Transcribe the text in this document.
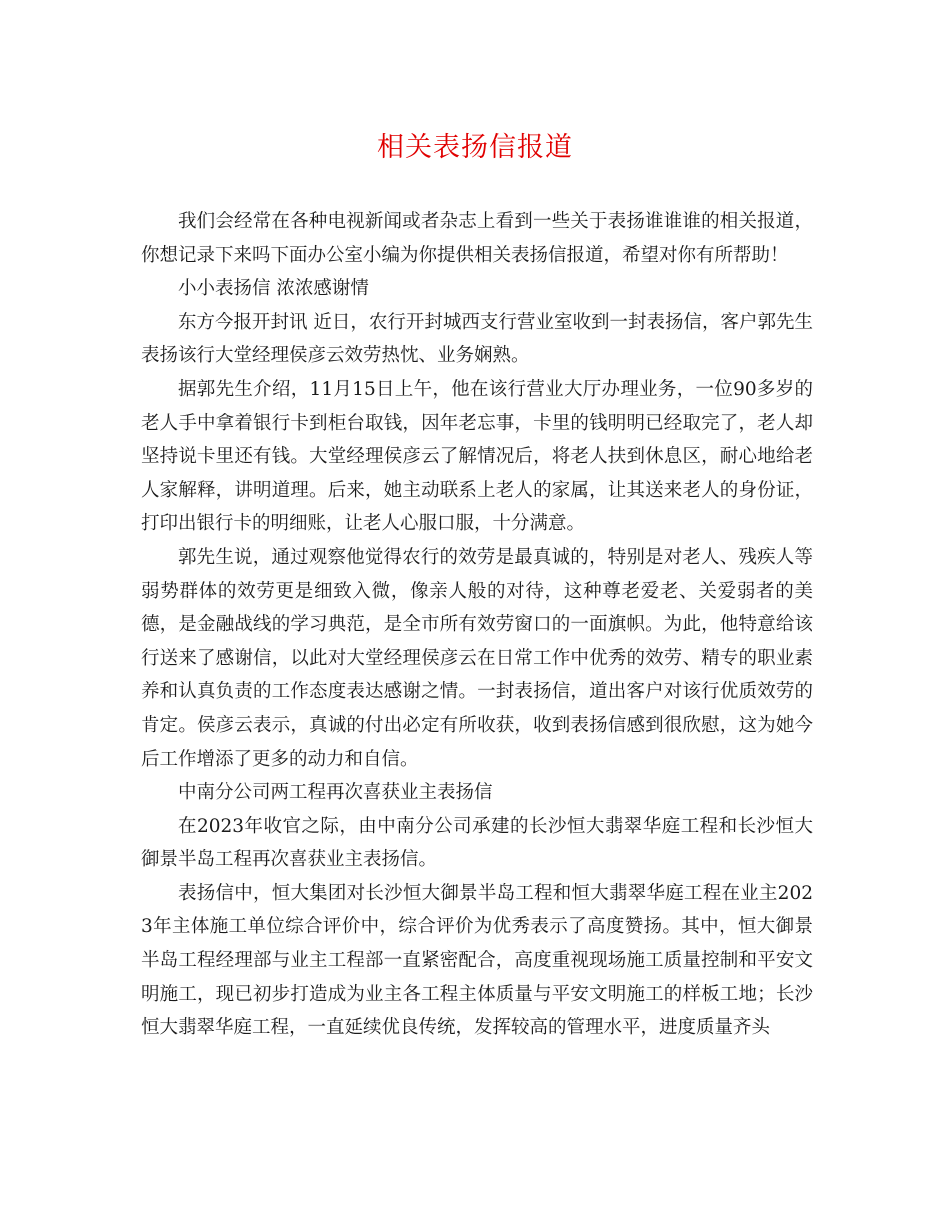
相关表扬信报道

我们会经常在各种电视新闻或者杂志上看到一些关于表扬谁谁谁的相关报道，你想记录下来吗下面办公室小编为你提供相关表扬信报道，希望对你有所帮助！

小小表扬信 浓浓感谢情

东方今报开封讯 近日，农行开封城西支行营业室收到一封表扬信，客户郭先生表扬该行大堂经理侯彦云效劳热忱、业务娴熟。

据郭先生介绍，11月15日上午，他在该行营业大厅办理业务，一位90多岁的老人手中拿着银行卡到柜台取钱，因年老忘事，卡里的钱明明已经取完了，老人却坚持说卡里还有钱。大堂经理侯彦云了解情况后，将老人扶到休息区，耐心地给老人家解释，讲明道理。后来，她主动联系上老人的家属，让其送来老人的身份证，打印出银行卡的明细账，让老人心服口服，十分满意。

郭先生说，通过观察他觉得农行的效劳是最真诚的，特别是对老人、残疾人等弱势群体的效劳更是细致入微，像亲人般的对待，这种尊老爱老、关爱弱者的美德，是金融战线的学习典范，是全市所有效劳窗口的一面旗帜。为此，他特意给该行送来了感谢信，以此对大堂经理侯彦云在日常工作中优秀的效劳、精专的职业素养和认真负责的工作态度表达感谢之情。一封表扬信，道出客户对该行优质效劳的肯定。侯彦云表示，真诚的付出必定有所收获，收到表扬信感到很欣慰，这为她今后工作增添了更多的动力和自信。

中南分公司两工程再次喜获业主表扬信

在2023年收官之际，由中南分公司承建的长沙恒大翡翠华庭工程和长沙恒大御景半岛工程再次喜获业主表扬信。

表扬信中，恒大集团对长沙恒大御景半岛工程和恒大翡翠华庭工程在业主2023年主体施工单位综合评价中，综合评价为优秀表示了高度赞扬。其中，恒大御景半岛工程经理部与业主工程部一直紧密配合，高度重视现场施工质量控制和平安文明施工，现已初步打造成为业主各工程主体质量与平安文明施工的样板工地；长沙恒大翡翠华庭工程，一直延续优良传统，发挥较高的管理水平，进度质量齐头
